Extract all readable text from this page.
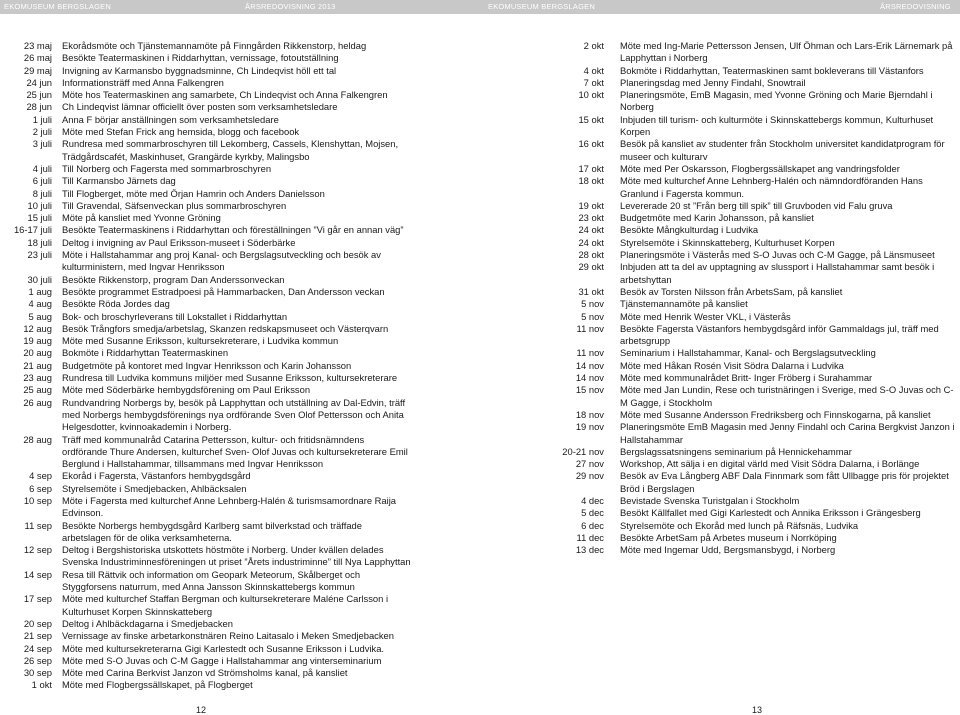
EKOMUSEUM BERGSLAGEN	ÅRSREDOVISNING 2013	EKOMUSEUM BERGSLAGEN	ÅRSREDOVISNING 2013
23 maj	Ekorådsmöte och Tjänstemannamöte på Finngården Rikkenstorp, heldag
26 maj	Besökte Teatermaskinen i Riddarhyttan, vernissage, fotoutställning
29 maj	Invigning av Karmansbo byggnadsminne, Ch Lindeqvist höll ett tal
24 jun	Informationsträff med Anna Falkengren
25 jun	Möte hos Teatermaskinen ang samarbete, Ch Lindeqvist och Anna Falkengren
28 jun	Ch Lindeqvist lämnar officiellt över posten som verksamhetsledare
1 juli	Anna F börjar anställningen som verksamhetsledare
2 juli	Möte med Stefan Frick ang hemsida, blogg och facebook
3 juli	Rundresa med sommarbroschyren till Lekomberg, Cassels, Klenshyttan, Mojsen, Trädgårdscafét, Maskinhuset, Grangärde kyrkby, Malingsbo
4 juli	Till Norberg och Fagersta med sommarbroschyren
6 juli	Till Karmansbo Järnets dag
8 juli	Till Flogberget, möte med Örjan Hamrin och Anders Danielsson
10 juli	Till Gravendal, Säfsenveckan plus sommarbroschyren
15 juli	Möte på kansliet med Yvonne Gröning
16-17 juli	Besökte Teatermaskinens i Riddarhyttan och föreställningen ”Vi går en annan väg”
18 juli	Deltog i invigning av Paul Eriksson-museet i Söderbärke
23 juli	Möte i Hallstahammar ang proj Kanal- och Bergslagsutveckling och besök av kulturministern, med Ingvar Henriksson
30 juli	Besökte Rikkenstorp, program Dan Anderssonveckan
1 aug	Besökte programmet Estradpoesi på Hammarbacken, Dan Andersson veckan
4 aug	Besökte Röda Jordes dag
5 aug	Bok- och broschyrleverans till Lokstallet i Riddarhyttan
12 aug	Besök Trångfors smedja/arbetslag, Skanzen redskapsmuseet och Västerqvarn
19 aug	Möte med Susanne Eriksson, kultursekreterare, i Ludvika kommun
20 aug	Bokmöte i Riddarhyttan Teatermaskinen
21 aug	Budgetmöte på kontoret med Ingvar Henriksson och Karin Johansson
23 aug	Rundresa till Ludvika kommuns miljöer med Susanne Eriksson, kultursekreterare
25 aug	Möte med Söderbärke hembygdsförening om Paul Eriksson
26 aug	Rundvandring Norbergs by, besök på Lapphyttan och utställning av Dal-Edvin, träff med Norbergs hembygdsförenings nya ordförande Sven Olof Pettersson och Anita Helgesdotter, kvinnoakademin i Norberg.
28 aug	Träff med kommunalråd Catarina Pettersson, kultur- och fritidsnämndens ordförande Thure Andersen, kulturchef Sven- Olof Juvas och kultursekreterare Emil Berglund i Hallstahammar, tillsammans med Ingvar Henriksson
4 sep	Ekoråd i Fagersta, Västanfors hembygdsgård
6 sep	Styrelsemöte i Smedjebacken, Ahlbäcksalen
10 sep	Möte i Fagersta med kulturchef Anne Lehnberg-Halén & turismsamordnare Raija Edvinson.
11 sep	Besökte Norbergs hembygdsgård Karlberg samt bilverkstad och träffade arbetslagen för de olika verksamheterna.
12 sep	Deltog i Bergshistoriska utskottets höstmöte i Norberg. Under kvällen delades Svenska Industriminnesföreningen ut priset ”Årets industriminne” till Nya Lapphyttan
14 sep	Resa till Rättvik och information om Geopark Meteorum, Skålberget och Styggforsens naturrum, med Anna Jansson Skinnskattebergs kommun
17 sep	Möte med kulturchef Staffan Bergman och kultursekreterare Maléne Carlsson i Kulturhuset Korpen Skinnskatteberg
20 sep	Deltog i Ahlbäckdagarna i Smedjebacken
21 sep	Vernissage av finske arbetarkonstnären Reino Laitasalo i Meken Smedjebacken
24 sep	Möte med kultursekreterarna Gigi Karlestedt och Susanne Eriksson i Ludvika.
26 sep	Möte med S-O Juvas och C-M Gagge i Hallstahammar ang vinterseminarium
30 sep	Möte med Carina Berkvist Janzon vd Strömsholms kanal, på kansliet
1 okt	Möte med Flogbergssällskapet, på Flogberget
2 okt	Möte med Ing-Marie Pettersson Jensen, Ulf Öhman och Lars-Erik Lärnemark på Lapphyttan i Norberg
4 okt	Bokmöte i Riddarhyttan, Teatermaskinen samt bokleverans till Västanfors
7 okt	Planeringsdag med Jenny Findahl, Snowtrail
10 okt	Planeringsmöte, EmB Magasin, med Yvonne Gröning och Marie Bjerndahl i Norberg
15 okt	Inbjuden till turism- och kulturmöte i Skinnskattebergs kommun, Kulturhuset Korpen
16 okt	Besök på kansliet av studenter från Stockholm universitet kandidatprogram för museer och kulturarv
17 okt	Möte med Per Oskarsson, Flogbergssällskapet ang vandringsfolder
18 okt	Möte med kulturchef Anne Lehnberg-Halén och nämndordföranden Hans Granlund i Fagersta kommun.
19 okt	Levererade 20 st ”Från berg till spik” till Gruvboden vid Falu gruva
23 okt	Budgetmöte med Karin Johansson, på kansliet
24 okt	Besökte Mångkulturdag i Ludvika
24 okt	Styrelsemöte i Skinnskatteberg, Kulturhuset Korpen
28 okt	Planeringsmöte i Västerås med S-O Juvas och C-M Gagge, på Länsmuseet
29 okt	Inbjuden att ta del av upptagning av slussport i Hallstahammar samt besök i arbetshyttan
31 okt	Besök av Torsten Nilsson från ArbetsSam, på kansliet
5 nov	Tjänstemannamöte på kansliet
5 nov	Möte med Henrik Wester VKL, i Västerås
11 nov	Besökte Fagersta Västanfors hembygdsgård inför Gammaldags jul, träff med arbetsgrupp
11 nov	Seminarium i Hallstahammar, Kanal- och Bergslagsutveckling
14 nov	Möte med Håkan Rosén Visit Södra Dalarna i Ludvika
14 nov	Möte med kommunalrådet Britt- Inger Fröberg i Surahammar
15 nov	Möte med Jan Lundin, Rese och turistnäringen i Sverige, med S-O Juvas och C-M Gagge, i Stockholm
18 nov	Möte med Susanne Andersson Fredriksberg och Finnskogarna, på kansliet
19 nov	Planeringsmöte EmB Magasin med Jenny Findahl och Carina Bergkvist Janzon i Hallstahammar
20-21 nov	Bergslagssatsningens seminarium på Hennickehammar
27 nov	Workshop, Att sälja i en digital värld med Visit Södra Dalarna, i Borlänge
29 nov	Besök av Eva Långberg ABF Dala Finnmark som fått Ullbagge pris för projektet Bröd i Bergslagen
4 dec	Bevistade Svenska Turistgalan i Stockholm
5 dec	Besökt Källfallet med Gigi Karlestedt och Annika Eriksson i Grängesberg
6 dec	Styrelsemöte och Ekoråd med lunch på Räfsnäs, Ludvika
11 dec	Besökte ArbetSam på Arbetes museum i Norrköping
13 dec	Möte med Ingemar Udd, Bergsmansbygd, i Norberg
12	13
